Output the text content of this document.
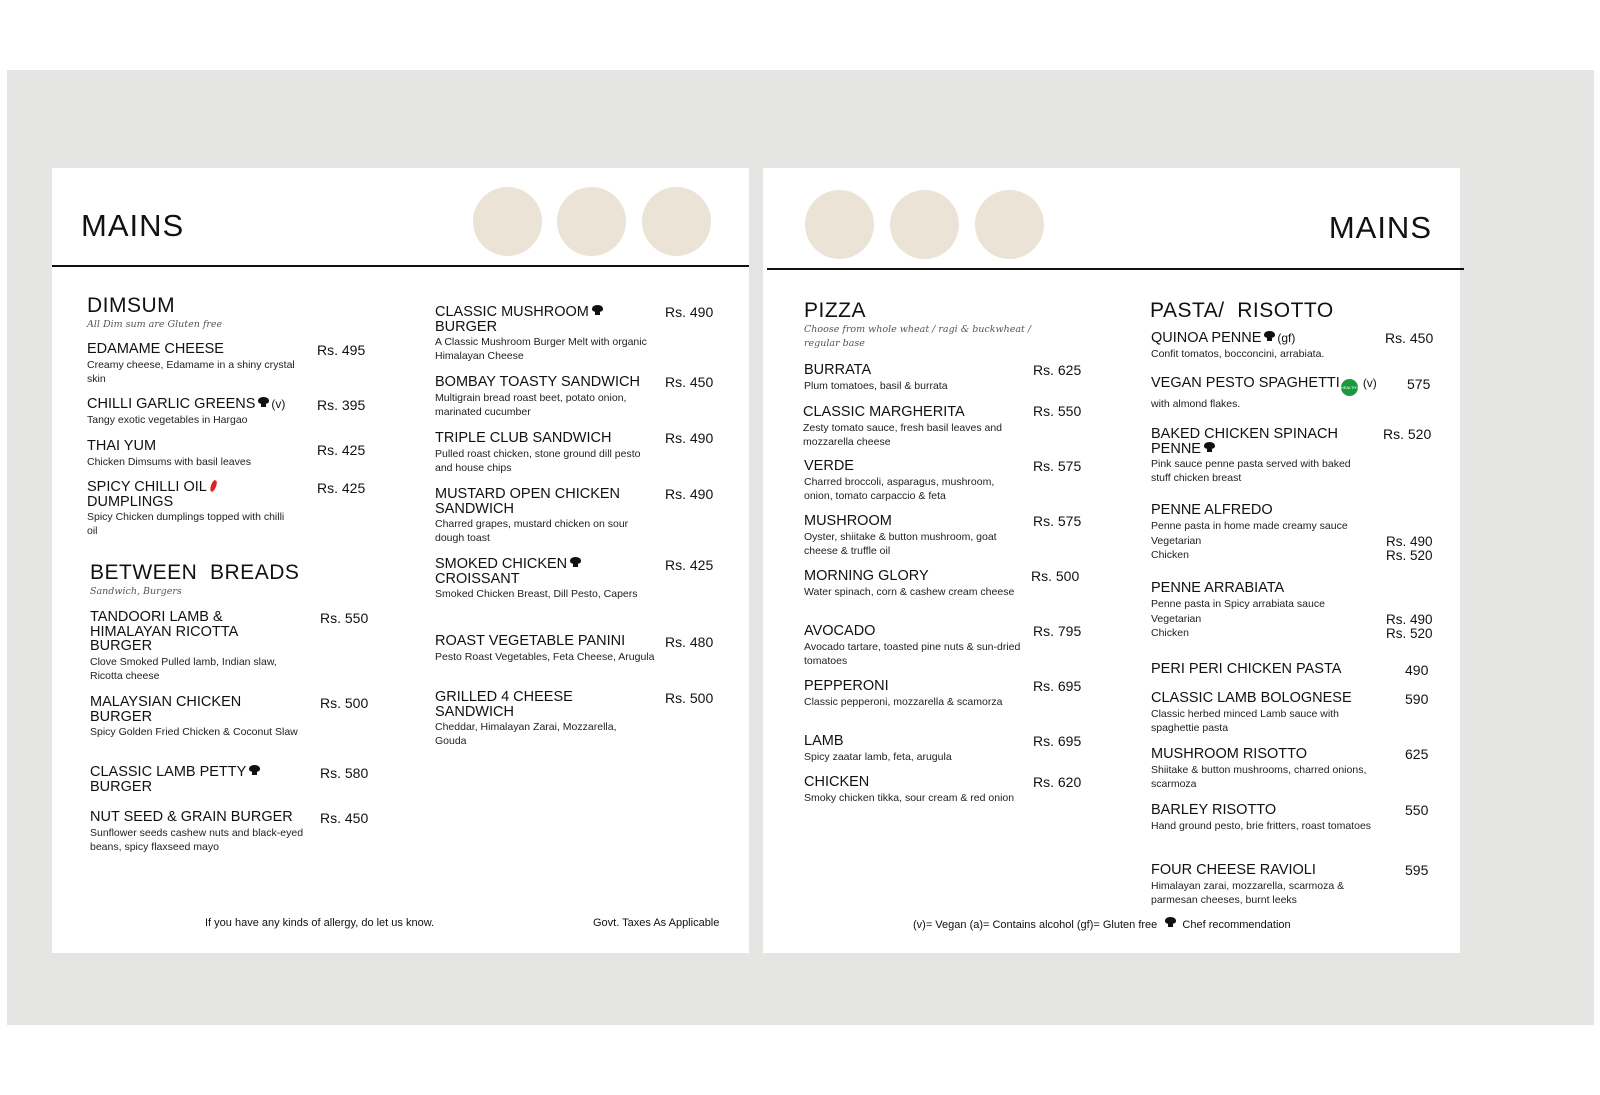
MAINS
DIMSUM
All Dim sum are Gluten free
EDAMAME CHEESE
Creamy cheese, Edamame in a shiny crystal skin
Rs. 495
CHILLI GARLIC GREENS (v)
Tangy exotic vegetables in Hargao
Rs. 395
THAI YUM
Chicken Dimsums with basil leaves
Rs. 425
SPICY CHILLI OIL
DUMPLINGS
Spicy Chicken dumplings topped with chilli oil
Rs. 425
BETWEEN  BREADS
Sandwich, Burgers
TANDOORI LAMB &
HIMALAYAN RICOTTA
BURGER
Clove Smoked Pulled lamb, Indian slaw, Ricotta cheese
Rs. 550
MALAYSIAN CHICKEN
BURGER
Spicy Golden Fried Chicken & Coconut Slaw
Rs. 500
CLASSIC LAMB PETTY
BURGER
Rs. 580
NUT SEED & GRAIN BURGER
Sunflower seeds cashew nuts and black-eyed beans, spicy flaxseed mayo
Rs. 450
CLASSIC MUSHROOM
BURGER
A Classic Mushroom Burger Melt with organic Himalayan Cheese
Rs. 490
BOMBAY TOASTY SANDWICH
Multigrain bread roast beet, potato onion, marinated cucumber
Rs. 450
TRIPLE CLUB SANDWICH
Pulled roast chicken, stone ground dill pesto and house chips
Rs. 490
MUSTARD OPEN CHICKEN
SANDWICH
Charred grapes, mustard chicken on sour dough toast
Rs. 490
SMOKED CHICKEN
CROISSANT
Smoked Chicken Breast, Dill Pesto, Capers
Rs. 425
ROAST VEGETABLE PANINI
Pesto Roast Vegetables, Feta Cheese, Arugula
Rs. 480
GRILLED 4 CHEESE
SANDWICH
Cheddar, Himalayan Zarai, Mozzarella, Gouda
Rs. 500
If you have any kinds of allergy, do let us know.	Govt. Taxes As Applicable
MAINS
PIZZA
Choose from whole wheat / ragi & buckwheat /
regular base
BURRATA
Plum tomatoes, basil & burrata
Rs. 625
CLASSIC MARGHERITA
Zesty tomato sauce, fresh basil leaves and mozzarella cheese
Rs. 550
VERDE
Charred broccoli, asparagus, mushroom, onion, tomato carpaccio & feta
Rs. 575
MUSHROOM
Oyster, shiitake & button mushroom, goat cheese & truffle oil
Rs. 575
MORNING GLORY
Water spinach, corn & cashew cream cheese
Rs. 500
AVOCADO
Avocado tartare, toasted pine nuts & sun-dried tomatoes
Rs. 795
PEPPERONI
Classic pepperoni, mozzarella & scamorza
Rs. 695
LAMB
Spicy zaatar lamb, feta, arugula
Rs. 695
CHICKEN
Smoky chicken tikka, sour cream & red onion
Rs. 620
PASTA/  RISOTTO
QUINOA PENNE (gf)
Confit tomatos, bocconcini, arrabiata.
Rs. 450
VEGAN PESTO SPAGHETTIHEALTHY (v)
with almond flakes.
575
BAKED CHICKEN SPINACH
PENNE
Pink sauce penne pasta served with baked stuff chicken breast
Rs. 520
PENNE ALFREDO
Penne pasta in home made creamy sauce
Vegetarian
Chicken
Rs. 490
Rs. 520
PENNE ARRABIATA
Penne pasta in Spicy arrabiata sauce
Vegetarian
Chicken
Rs. 490
Rs. 520
PERI PERI CHICKEN PASTA	490
CLASSIC LAMB BOLOGNESE
Classic herbed minced Lamb sauce with spaghettie pasta
590
MUSHROOM RISOTTO
Shiitake & button mushrooms, charred onions, scarmoza
625
BARLEY RISOTTO
Hand ground pesto, brie fritters, roast tomatoes
550
FOUR CHEESE RAVIOLI
Himalayan zarai, mozzarella, scarmoza & parmesan cheeses, burnt leeks
595
(v)= Vegan (a)= Contains alcohol (gf)= Gluten free Chef recommendation
